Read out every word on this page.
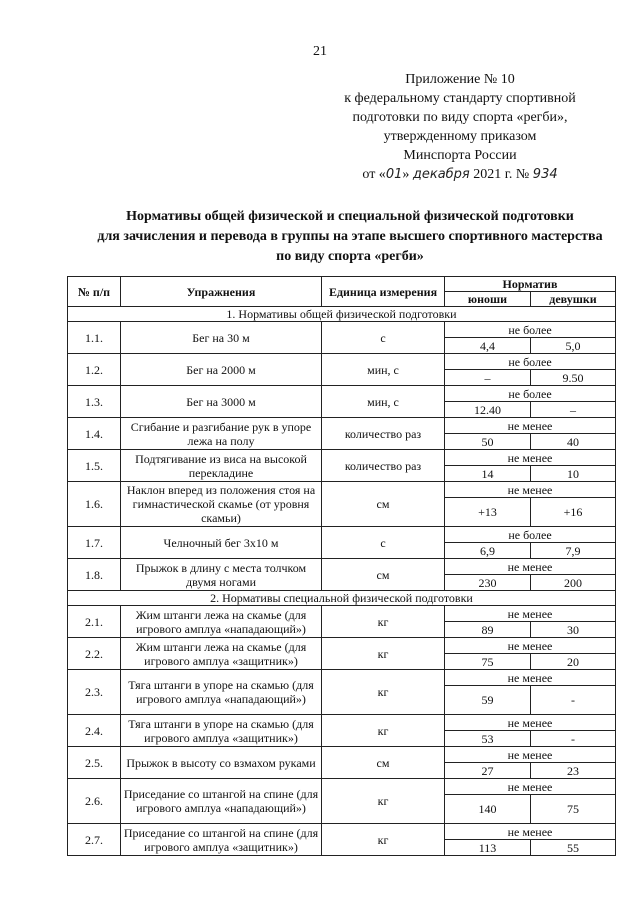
21
Приложение № 10
к федеральному стандарту спортивной
подготовки по виду спорта «регби»,
утвержденному приказом
Минспорта России
от «01» декабря 2021 г. № 934
Нормативы общей физической и специальной физической подготовки
для зачисления и перевода в группы на этапе высшего спортивного мастерства
по виду спорта «регби»
№ п/п	Упражнения	Единица измерения	Норматив	
			юноши	девушки
1. Нормативы общей физической подготовки				
1.1.	Бег на 30 м	с	не более	
			4,4	5,0
1.2.	Бег на 2000 м	мин, с	не более	
			–	9.50
1.3.	Бег на 3000 м	мин, с	не более	
			12.40	–
1.4.	Сгибание и разгибание рук в упоре лежа на полу	количество раз	не менее	
			50	40
1.5.	Подтягивание из виса на высокой перекладине	количество раз	не менее	
			14	10
1.6.	Наклон вперед из положения стоя на гимнастической скамье (от уровня скамьи)	см	не менее	
			+13	+16
1.7.	Челночный бег 3х10 м	с	не более	
			6,9	7,9
1.8.	Прыжок в длину с места толчком двумя ногами	см	не менее	
			230	200
2. Нормативы специальной физической подготовки				
2.1.	Жим штанги лежа на скамье (для игрового амплуа «нападающий»)	кг	не менее	
			89	30
2.2.	Жим штанги лежа на скамье (для игрового амплуа «защитник»)	кг	не менее	
			75	20
2.3.	Тяга штанги в упоре на скамью (для игрового амплуа «нападающий»)	кг	не менее	
			59	-
2.4.	Тяга штанги в упоре на скамью (для игрового амплуа «защитник»)	кг	не менее	
			53	-
2.5.	Прыжок в высоту со взмахом руками	см	не менее	
			27	23
2.6.	Приседание со штангой на спине (для игрового амплуа «нападающий»)	кг	не менее	
			140	75
2.7.	Приседание со штангой на спине (для игрового амплуа «защитник»)	кг	не менее	
			113	55
